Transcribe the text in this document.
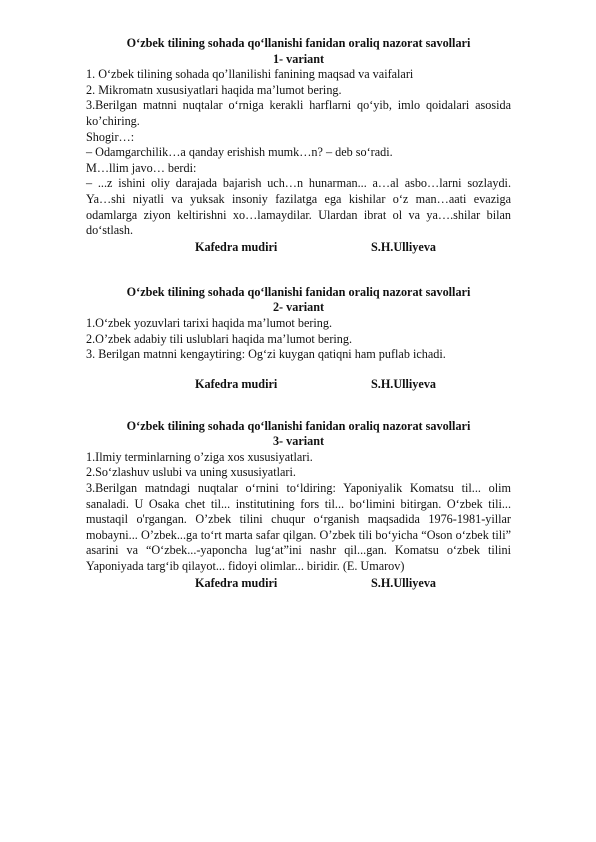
O‘zbek tilining sohada qo‘llanishi fanidan oraliq nazorat savollari
1- variant
1. O‘zbek tilining sohada qo’llanilishi fanining maqsad va vaifalari
2. Mikromatn xususiyatlari haqida ma’lumot bering.
3.Berilgan matnni nuqtalar o‘rniga kerakli harflarni qo‘yib, imlo qoidalari asosida ko’chiring.
Shogir…:
– Odamgarchilik…a qanday erishish mumk…n? – deb so‘radi.
M…llim javo… berdi:
– ...z ishini oliy darajada bajarish uch…n hunarman... a…al asbo…larni sozlaydi. Ya…shi niyatli va yuksak insoniy fazilatga ega kishilar o‘z man…aati evaziga odamlarga ziyon keltirishni xo…lamaydilar. Ulardan ibrat ol va ya….shilar bilan do‘stlash.
Kafedra mudiri	S.H.Ulliyeva
O‘zbek tilining sohada qo‘llanishi fanidan oraliq nazorat savollari
2- variant
1.O‘zbek yozuvlari tarixi haqida ma’lumot bering.
2.O’zbek adabiy tili uslublari haqida ma’lumot bering.
3. Berilgan matnni kengaytiring: Og‘zi kuygan qatiqni ham puflab ichadi.
Kafedra mudiri	S.H.Ulliyeva
O‘zbek tilining sohada qo‘llanishi fanidan oraliq nazorat savollari
3- variant
1.Ilmiy terminlarning o’ziga xos xususiyatlari.
2.So‘zlashuv uslubi va uning xususiyatlari.
3.Berilgan matndagi nuqtalar o‘rnini to‘ldiring: Yaponiyalik Komatsu til... olim sanaladi. U Osaka chet til... institutining fors til... bo‘limini bitirgan. O‘zbek tili... mustaqil o'rgangan. O’zbek tilini chuqur o‘rganish maqsadida 1976-1981-yillar mobayni... O’zbek...ga to‘rt marta safar qilgan. O’zbek tili bo‘yicha “Oson o‘zbek tili” asarini va “O‘zbek...-yaponcha lug‘at”ini nashr qil...gan. Komatsu o‘zbek tilini Yaponiyada targ‘ib qilayot... fidoyi olimlar... biridir. (E. Umarov)
Kafedra mudiri	S.H.Ulliyeva
